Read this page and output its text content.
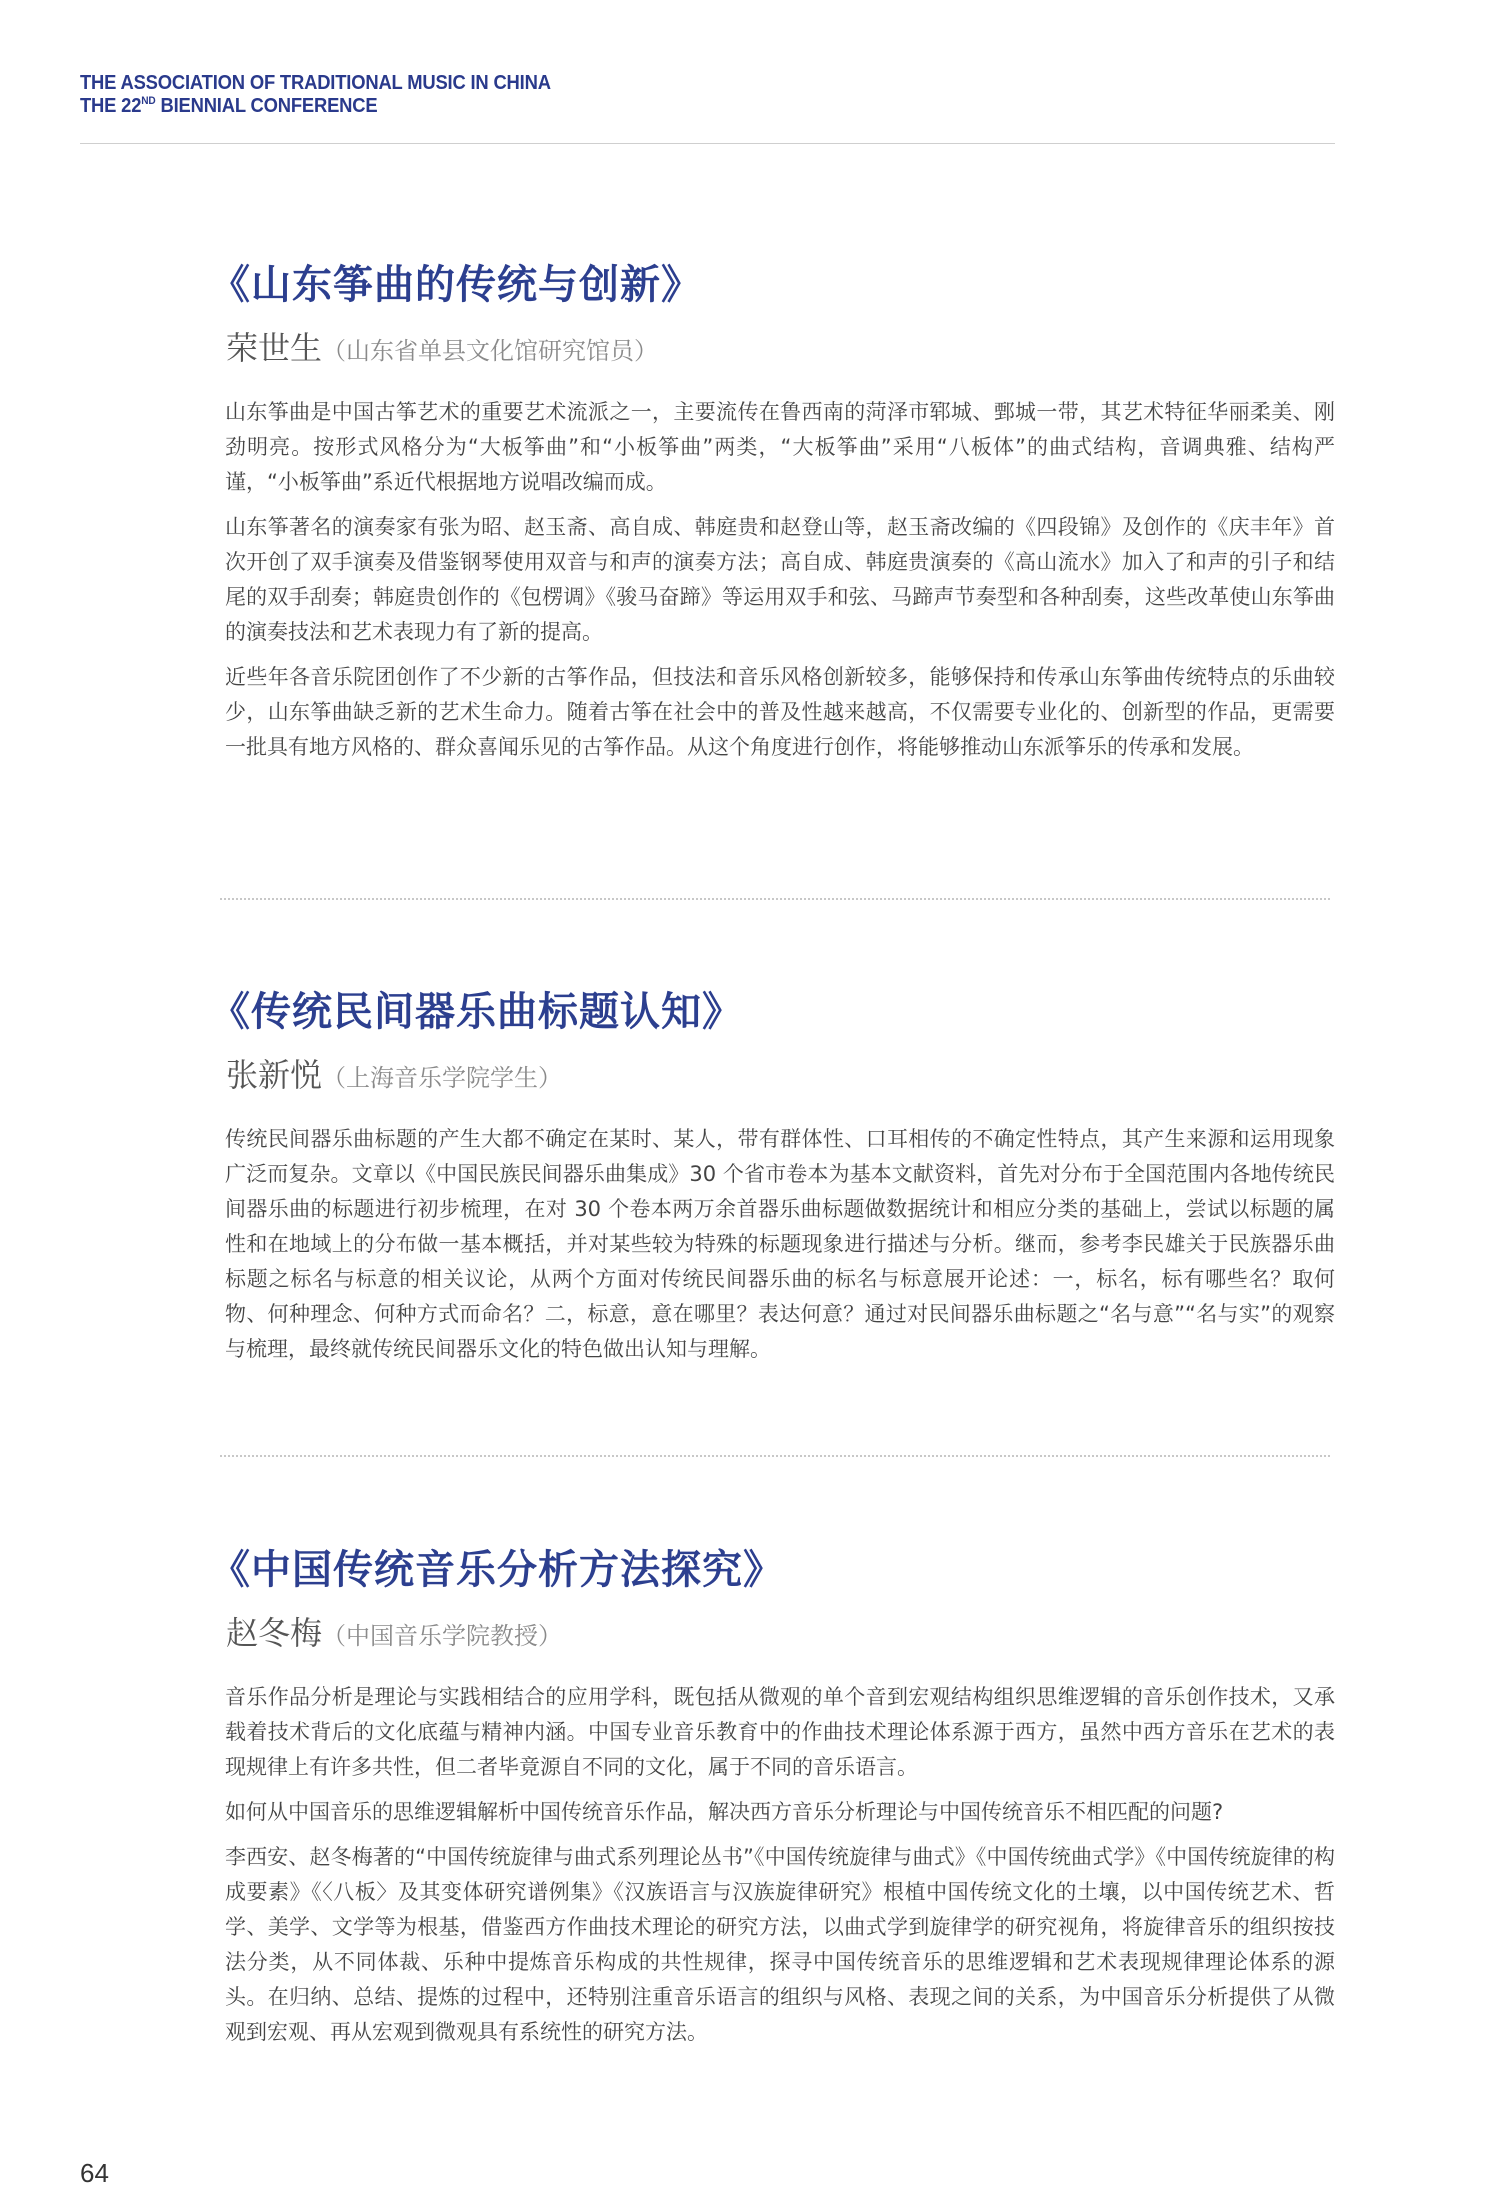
THE ASSOCIATION OF TRADITIONAL MUSIC IN CHINA
THE 22ND BIENNIAL CONFERENCE
《山东筝曲的传统与创新》
荣世生（山东省单县文化馆研究馆员）

山东筝曲是中国古筝艺术的重要艺术流派之一，主要流传在鲁西南的菏泽市郓城、鄄城一带，其艺术特征华丽柔美、刚劲明亮。按形式风格分为“大板筝曲”和“小板筝曲”两类，“大板筝曲”采用“八板体”的曲式结构，音调典雅、结构严谨，“小板筝曲”系近代根据地方说唱改编而成。

山东筝著名的演奏家有张为昭、赵玉斋、高自成、韩庭贵和赵登山等，赵玉斋改编的《四段锦》及创作的《庆丰年》首次开创了双手演奏及借鉴钢琴使用双音与和声的演奏方法；高自成、韩庭贵演奏的《高山流水》加入了和声的引子和结尾的双手刮奏；韩庭贵创作的《包楞调》《骏马奋蹄》等运用双手和弦、马蹄声节奏型和各种刮奏，这些改革使山东筝曲的演奏技法和艺术表现力有了新的提高。

近些年各音乐院团创作了不少新的古筝作品，但技法和音乐风格创新较多，能够保持和传承山东筝曲传统特点的乐曲较少，山东筝曲缺乏新的艺术生命力。随着古筝在社会中的普及性越来越高，不仅需要专业化的、创新型的作品，更需要一批具有地方风格的、群众喜闻乐见的古筝作品。从这个角度进行创作，将能够推动山东派筝乐的传承和发展。

《传统民间器乐曲标题认知》
张新悦（上海音乐学院学生）

传统民间器乐曲标题的产生大都不确定在某时、某人，带有群体性、口耳相传的不确定性特点，其产生来源和运用现象广泛而复杂。文章以《中国民族民间器乐曲集成》30 个省市卷本为基本文献资料，首先对分布于全国范围内各地传统民间器乐曲的标题进行初步梳理，在对 30 个卷本两万余首器乐曲标题做数据统计和相应分类的基础上，尝试以标题的属性和在地域上的分布做一基本概括，并对某些较为特殊的标题现象进行描述与分析。继而，参考李民雄关于民族器乐曲标题之标名与标意的相关议论，从两个方面对传统民间器乐曲的标名与标意展开论述：一，标名，标有哪些名？取何物、何种理念、何种方式而命名？二，标意，意在哪里？表达何意？通过对民间器乐曲标题之“名与意”“名与实”的观察与梳理，最终就传统民间器乐文化的特色做出认知与理解。

《中国传统音乐分析方法探究》
赵冬梅（中国音乐学院教授）

音乐作品分析是理论与实践相结合的应用学科，既包括从微观的单个音到宏观结构组织思维逻辑的音乐创作技术，又承载着技术背后的文化底蕴与精神内涵。中国专业音乐教育中的作曲技术理论体系源于西方，虽然中西方音乐在艺术的表现规律上有许多共性，但二者毕竟源自不同的文化，属于不同的音乐语言。

如何从中国音乐的思维逻辑解析中国传统音乐作品，解决西方音乐分析理论与中国传统音乐不相匹配的问题?

李西安、赵冬梅著的“中国传统旋律与曲式系列理论丛书”《中国传统旋律与曲式》《中国传统曲式学》《中国传统旋律的构成要素》《〈八板〉及其变体研究谱例集》《汉族语言与汉族旋律研究》根植中国传统文化的土壤，以中国传统艺术、哲学、美学、文学等为根基，借鉴西方作曲技术理论的研究方法，以曲式学到旋律学的研究视角，将旋律音乐的组织按技法分类，从不同体裁、乐种中提炼音乐构成的共性规律，探寻中国传统音乐的思维逻辑和艺术表现规律理论体系的源头。在归纳、总结、提炼的过程中，还特别注重音乐语言的组织与风格、表现之间的关系，为中国音乐分析提供了从微观到宏观、再从宏观到微观具有系统性的研究方法。

64
